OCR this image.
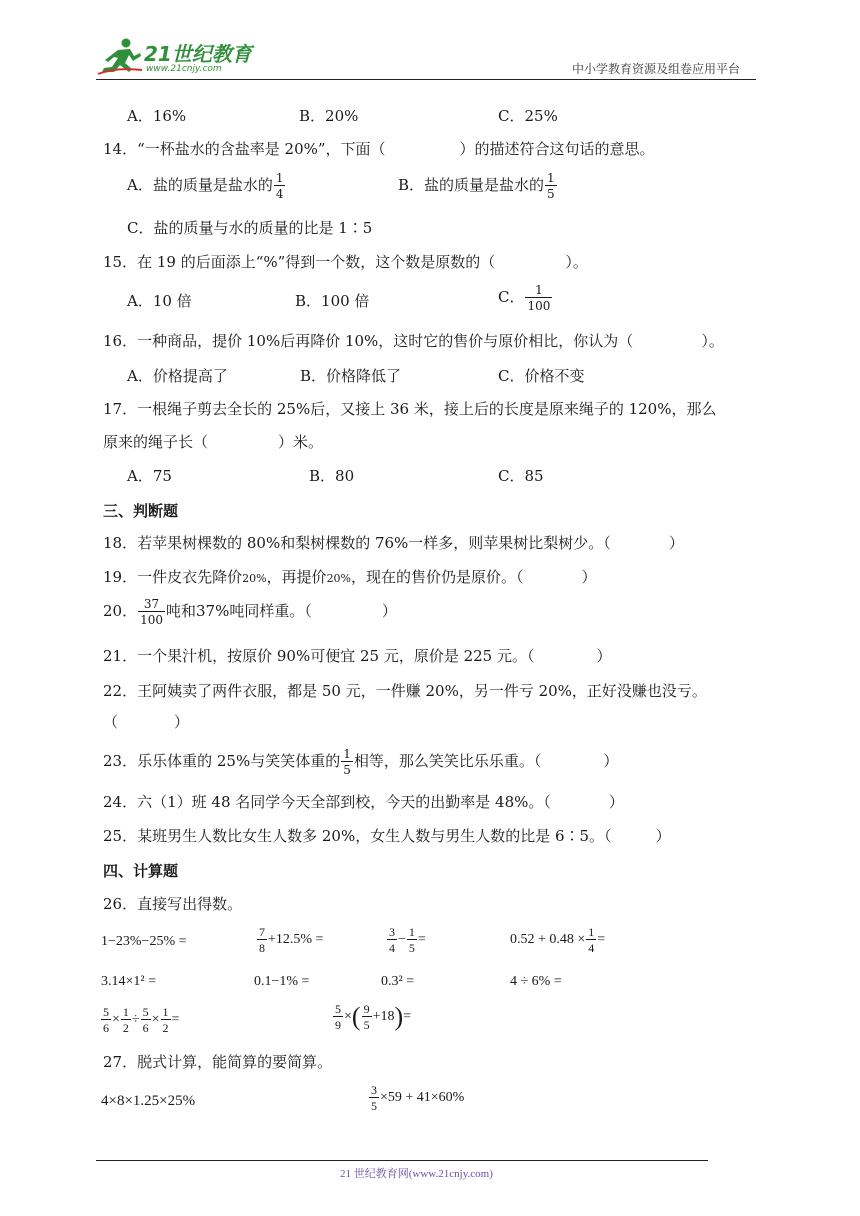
21世纪教育
www.21cnjy.com	中小学教育资源及组卷应用平台
A．16%	B．20%	C．25%
14．“一杯盐水的含盐率是 20%”，下面（	）的描述符合这句话的意思。
A．盐的质量是盐水的 $\frac{1}{4}$	B．盐的质量是盐水的 $\frac{1}{5}$
C．盐的质量与水的质量的比是 1∶5
15．在 19 的后面添上“%”得到一个数，这个数是原数的（	）。
A．10 倍	B．100 倍	C． $\frac{1}{100}$
16．一种商品，提价 10%后再降价 10%，这时它的售价与原价相比，你认为（	）。
A．价格提高了	B．价格降低了	C．价格不变
17．一根绳子剪去全长的 25%后，又接上 36 米，接上后的长度是原来绳子的 120%，那么
原来的绳子长（	）米。
A．75	B．80	C．85
三、判断题
18．若苹果树棵数的 80%和梨树棵数的 76%一样多，则苹果树比梨树少。（	）
19．一件皮衣先降价20%，再提价20%，现在的售价仍是原价。（	）
20． $\frac{37}{100}$ 吨和37%吨同样重。（	）
21．一个果汁机，按原价 90%可便宜 25 元，原价是 225 元。（	）
22．王阿姨卖了两件衣服，都是 50 元，一件赚 20%，另一件亏 20%，正好没赚也没亏。
（	）
23．乐乐体重的 25%与笑笑体重的 $\frac{1}{5}$ 相等，那么笑笑比乐乐重。（	）
24．六（1）班 48 名同学今天全部到校，今天的出勤率是 48%。（	）
25．某班男生人数比女生人数多 20%，女生人数与男生人数的比是 6∶5。（	）
四、计算题
26．直接写出得数。
1−23%−25% =	$\frac{7}{8} +12.5\%$ =	$\frac{3}{4} - \frac{1}{5}$ =	$0.52 + 0.48 \times \frac{1}{4}$ =
3.14×1² =	0.1−1% =	0.3² =	4 ÷ 6% =
$\frac{5}{6} \times \frac{1}{2} \div \frac{5}{6} \times \frac{1}{2}$ =	$\frac{5}{9}$ ×( $\frac{9}{5} +18)=$
27．脱式计算，能简算的要简算。
4×8×1.25×25%	$\frac{3}{5} \times 59 + 41\times 60\%$
21 世纪教育网(www.21cnjy.com)
